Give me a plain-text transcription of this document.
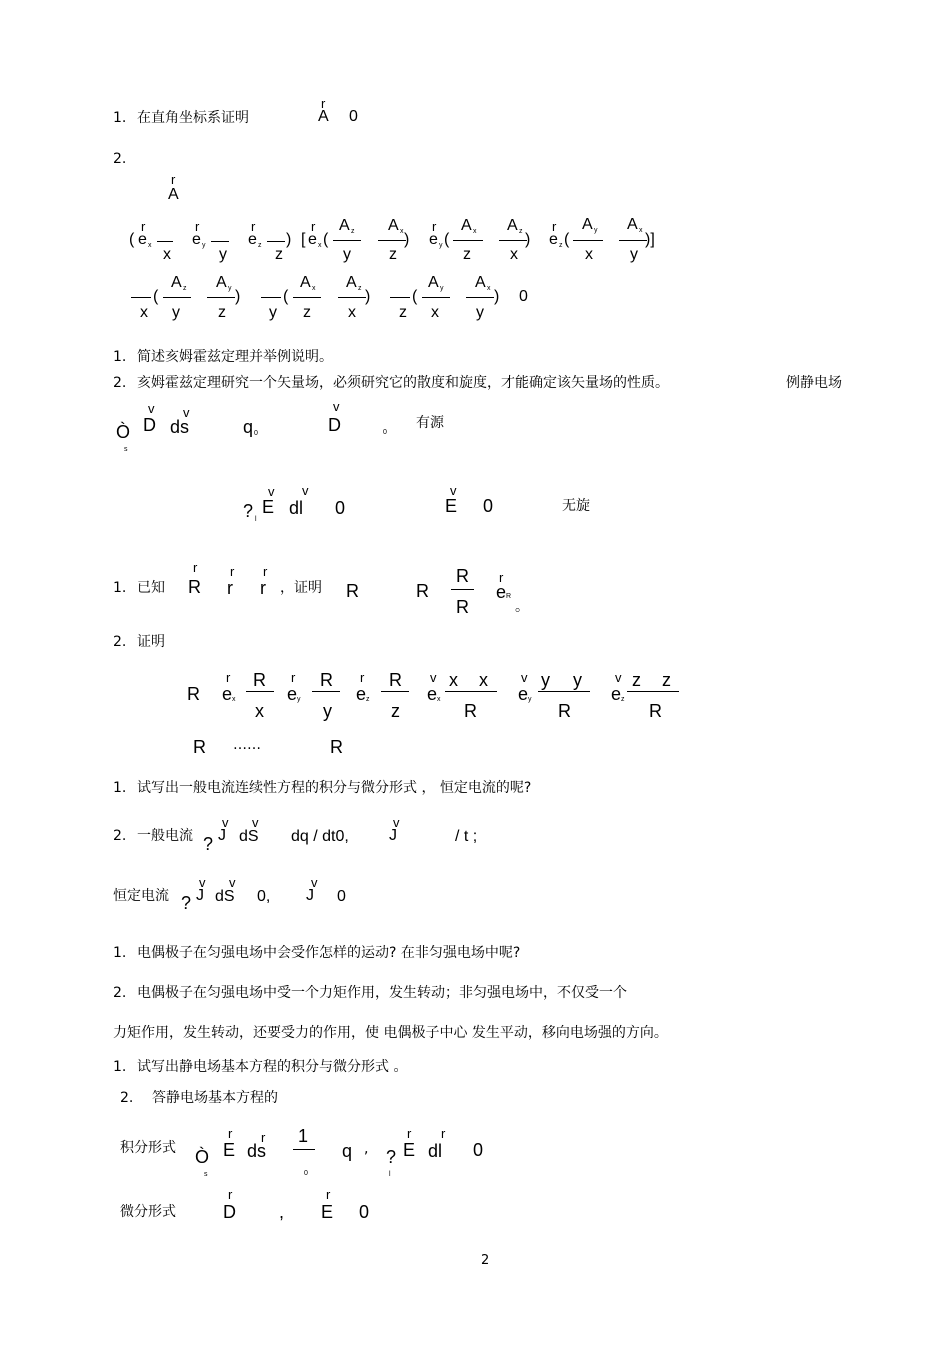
1. 在直角坐标系证明
r
A 0
2.
r
A
(
r
e x
x
r
e y
y
r
e z
z
) [
r
e x (
A z
y
A x
z
)
r
e y (
A x
z
A z
x
)
r
e z (
A y
x
A x
y
)]
x
(
A z
y
A y
z
)
y
(
A x
z
A z
x
)
z
(
A y
x
A x
y
) 0
1. 简述亥姆霍兹定理并举例说明。
2. 亥姆霍兹定理研究一个矢量场，必须研究它的散度和旋度，才能确定该矢量场的性质。	例静电场
Ò
s
v
D
v
ds	q 0
v
D	0
有源
? l
v
E
v
dl 0
v
E 0	无旋
1. 已知
r
R
r
r
r
r ，证明 R	R
R
R
r
e R
。
2. 证明
R
r
e x
R
x
r
e y
R
y
r
e z
R
z
v
e x
x x
R
v
e y
y y
R
v
e z
z z
R
R ……	R
1. 试写出一般电流连续性方程的积分与微分形式 ， 恒定电流的呢?
2. 一般电流 ?
v
J
v
dS dq / dt0,
v
J	/ t ;
恒定电流 ?
v
J
v
dS 0,
v
J 0
1. 电偶极子在匀强电场中会受作怎样的运动? 在非匀强电场中呢?
2. 电偶极子在匀强电场中受一个力矩作用，发生转动；非匀强电场中，不仅受一个
力矩作用，发生转动，还要受力的作用，使 电偶极子中心 发生平动，移向电场强的方向。
1. 试写出静电场基本方程的积分与微分形式 。
2. 答静电场基本方程的
积分形式 Ò
s
r
E
r
ds
1
0
q , ?
l
r
E
r
dl 0
微分形式
r
D ,
r
E 0
2
